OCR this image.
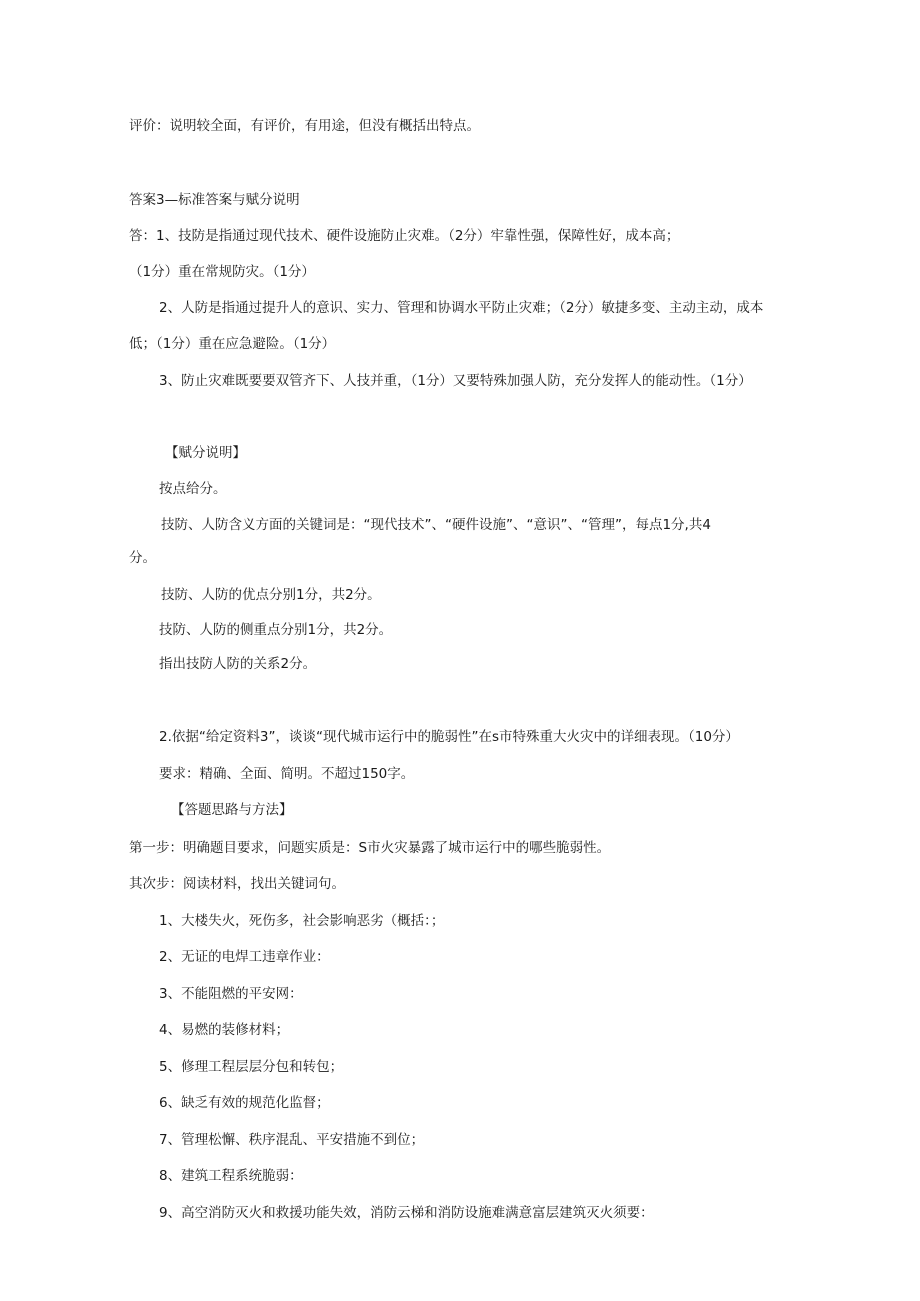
评价：说明较全面，有评价，有用途，但没有概括出特点。
答案3—标准答案与赋分说明
答：1、技防是指通过现代技术、硬件设施防止灾难。（2分）牢靠性强，保障性好，成本高；
（1分）重在常规防灾。（1分）
2、人防是指通过提升人的意识、实力、管理和协调水平防止灾难；（2分）敏捷多变、主动主动，成本
低；（1分）重在应急避险。（1分）
3、防止灾难既要要双管齐下、人技并重，（1分）又要特殊加强人防，充分发挥人的能动性。（1分）
【赋分说明】
按点给分。
技防、人防含义方面的关键词是：“现代技术”、“硬件设施”、“意识”、“管理”，每点1分,共4
分。
技防、人防的优点分别1分，共2分。
技防、人防的侧重点分别1分，共2分。
指出技防人防的关系2分。
2.依据“给定资料3”，谈谈“现代城市运行中的脆弱性”在s市特殊重大火灾中的详细表现。（10分）
要求：精确、全面、简明。不超过150字。
【答题思路与方法】
第一步：明确题目要求，问题实质是：S市火灾暴露了城市运行中的哪些脆弱性。
其次步：阅读材料，找出关键词句。
1、大楼失火，死伤多，社会影响恶劣（概括：；
2、无证的电焊工违章作业：
3、不能阻燃的平安网：
4、易燃的装修材料；
5、修理工程层层分包和转包；
6、缺乏有效的规范化监督；
7、管理松懈、秩序混乱、平安措施不到位；
8、建筑工程系统脆弱：
9、高空消防灭火和救援功能失效，消防云梯和消防设施难满意富层建筑灭火须要：
